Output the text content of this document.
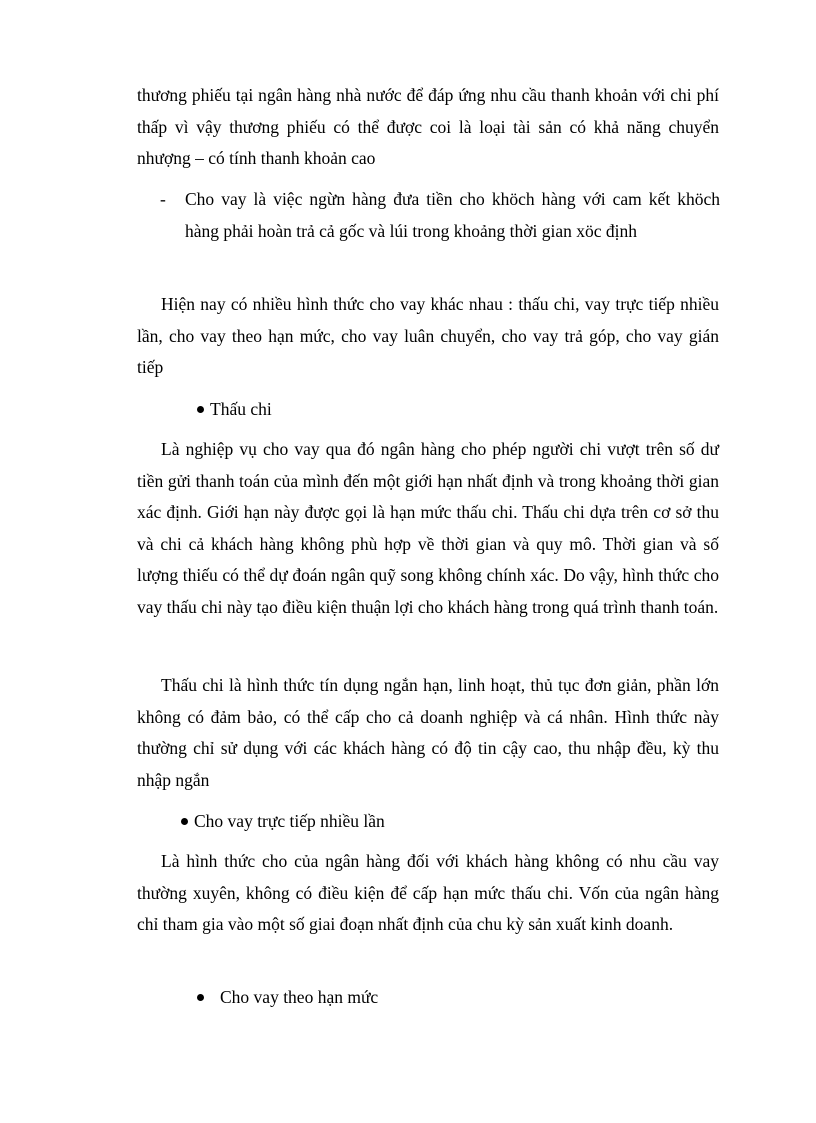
thương phiếu tại ngân hàng nhà nước để đáp ứng nhu cầu thanh khoản với chi phí thấp vì vậy thương phiếu có thể được coi là loại tài sản có khả năng chuyển nhượng – có tính thanh khoản cao

-	Cho vay là việc ngừn hàng đưa tiền cho khöch hàng với cam kết khöch hàng phải hoàn trả cả gốc và lúi trong khoảng thời gian xöc định

Hiện nay có nhiều hình thức cho vay khác nhau : thấu chi, vay trực tiếp nhiều lần, cho vay theo hạn mức, cho vay luân chuyển, cho vay trả góp, cho vay gián tiếp

Thấu chi

Là nghiệp vụ cho vay qua đó ngân hàng cho phép người chi vượt trên số dư tiền gửi thanh toán của mình đến một giới hạn nhất định và trong khoảng thời gian xác định. Giới hạn này được gọi là hạn mức thấu chi. Thấu chi dựa trên cơ sở thu và chi cả khách hàng không phù hợp về thời gian và quy mô. Thời gian và số lượng thiếu có thể dự đoán ngân quỹ song không chính xác. Do vậy, hình thức cho vay thấu chi này tạo điều kiện thuận lợi cho khách hàng trong quá trình thanh toán.

Thấu chi là hình thức tín dụng ngắn hạn, linh hoạt, thủ tục đơn giản, phần lớn không có đảm bảo, có thể cấp cho cả doanh nghiệp và cá nhân. Hình thức này thường chỉ sử dụng với các khách hàng có độ tin cậy cao, thu nhập đều, kỳ thu nhập ngắn

Cho vay trực tiếp nhiều lần

Là hình thức cho của ngân hàng đối với khách hàng không có nhu cầu vay thường xuyên, không có điều kiện để cấp hạn mức thấu chi. Vốn của ngân hàng chỉ tham gia vào một số giai đoạn nhất định của chu kỳ sản xuất kinh doanh.

Cho vay theo hạn mức
